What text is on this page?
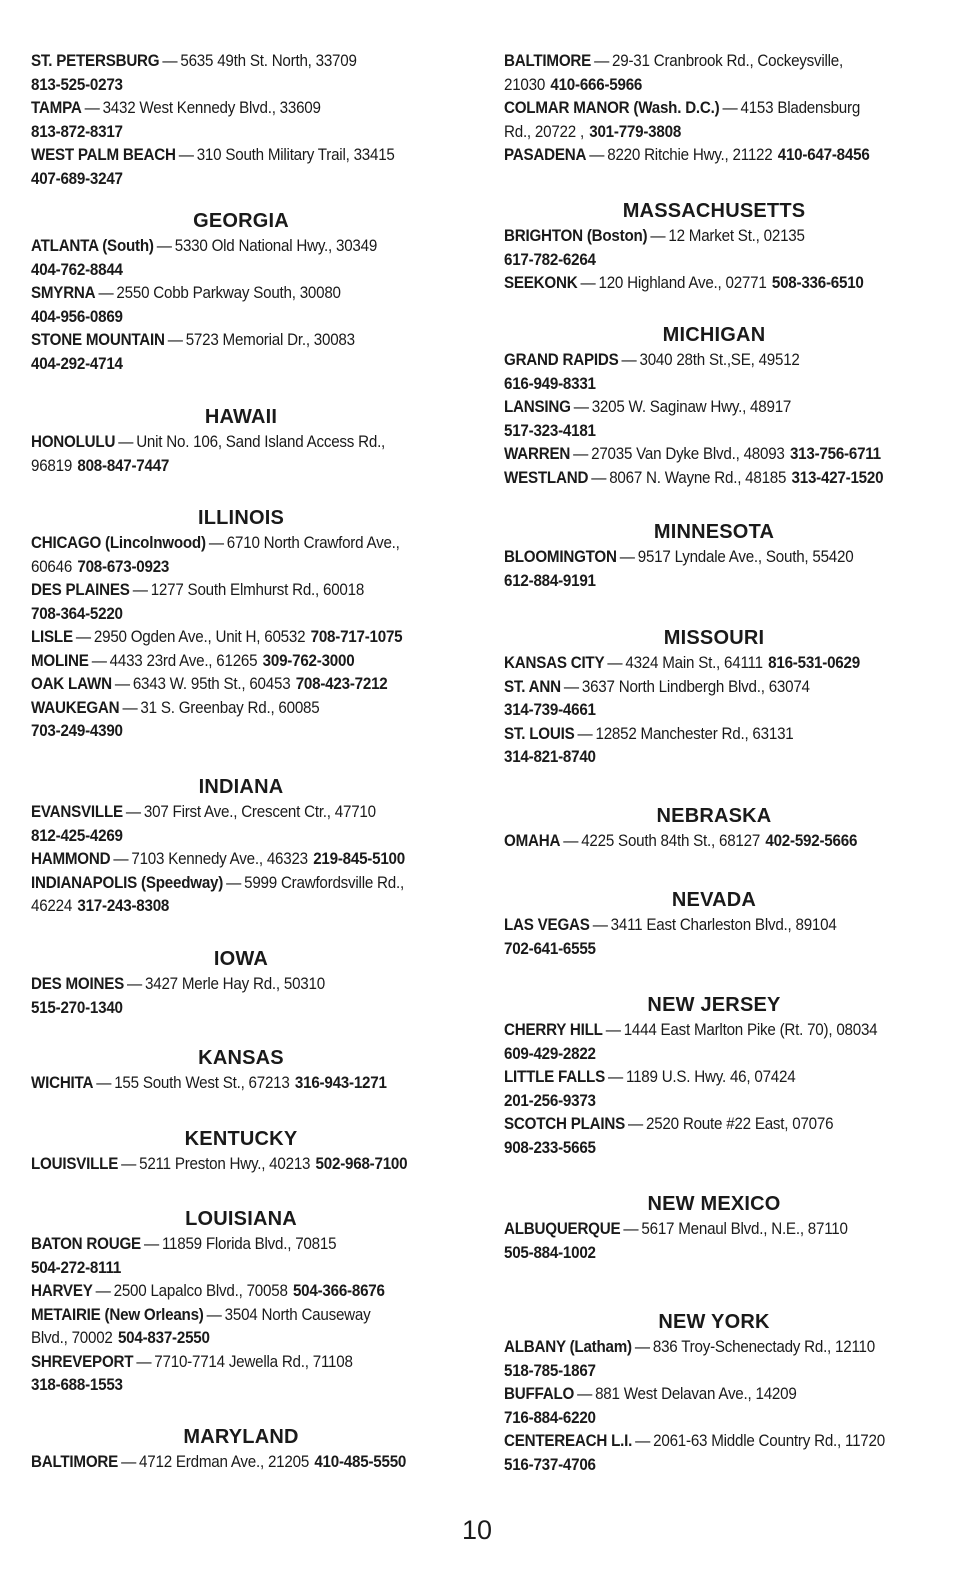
ST. PETERSBURG — 5635 49th St. North, 33709
813-525-0273
TAMPA — 3432 West Kennedy Blvd., 33609
813-872-8317
WEST PALM BEACH — 310 South Military Trail, 33415
407-689-3247
GEORGIA
ATLANTA (South) — 5330 Old National Hwy., 30349
404-762-8844
SMYRNA — 2550 Cobb Parkway South, 30080
404-956-0869
STONE MOUNTAIN — 5723 Memorial Dr., 30083
404-292-4714
HAWAII
HONOLULU — Unit No. 106, Sand Island Access Rd.,
96819 808-847-7447
ILLINOIS
CHICAGO (Lincolnwood) — 6710 North Crawford Ave.,
60646 708-673-0923
DES PLAINES — 1277 South Elmhurst Rd., 60018
708-364-5220
LISLE — 2950 Ogden Ave., Unit H, 60532 708-717-1075
MOLINE — 4433 23rd Ave., 61265 309-762-3000
OAK LAWN — 6343 W. 95th St., 60453 708-423-7212
WAUKEGAN — 31 S. Greenbay Rd., 60085
703-249-4390
INDIANA
EVANSVILLE — 307 First Ave., Crescent Ctr., 47710
812-425-4269
HAMMOND — 7103 Kennedy Ave., 46323 219-845-5100
INDIANAPOLIS (Speedway) — 5999 Crawfordsville Rd.,
46224 317-243-8308
IOWA
DES MOINES — 3427 Merle Hay Rd., 50310
515-270-1340
KANSAS
WICHITA — 155 South West St., 67213 316-943-1271
KENTUCKY
LOUISVILLE — 5211 Preston Hwy., 40213 502-968-7100
LOUISIANA
BATON ROUGE — 11859 Florida Blvd., 70815
504-272-8111
HARVEY — 2500 Lapalco Blvd., 70058 504-366-8676
METAIRIE (New Orleans) — 3504 North Causeway
Blvd., 70002 504-837-2550
SHREVEPORT — 7710-7714 Jewella Rd., 71108
318-688-1553
MARYLAND
BALTIMORE — 4712 Erdman Ave., 21205 410-485-5550
BALTIMORE — 29-31 Cranbrook Rd., Cockeysville,
21030 410-666-5966
COLMAR MANOR (Wash. D.C.) — 4153 Bladensburg
Rd., 20722 , 301-779-3808
PASADENA — 8220 Ritchie Hwy., 21122 410-647-8456
MASSACHUSETTS
BRIGHTON (Boston) — 12 Market St., 02135
617-782-6264
SEEKONK — 120 Highland Ave., 02771 508-336-6510
MICHIGAN
GRAND RAPIDS — 3040 28th St.,SE, 49512
616-949-8331
LANSING — 3205 W. Saginaw Hwy., 48917
517-323-4181
WARREN — 27035 Van Dyke Blvd., 48093 313-756-6711
WESTLAND — 8067 N. Wayne Rd., 48185 313-427-1520
MINNESOTA
BLOOMINGTON — 9517 Lyndale Ave., South, 55420
612-884-9191
MISSOURI
KANSAS CITY — 4324 Main St., 64111 816-531-0629
ST. ANN — 3637 North Lindbergh Blvd., 63074
314-739-4661
ST. LOUIS — 12852 Manchester Rd., 63131
314-821-8740
NEBRASKA
OMAHA — 4225 South 84th St., 68127 402-592-5666
NEVADA
LAS VEGAS — 3411 East Charleston Blvd., 89104
702-641-6555
NEW JERSEY
CHERRY HILL — 1444 East Marlton Pike (Rt. 70), 08034
609-429-2822
LITTLE FALLS — 1189 U.S. Hwy. 46, 07424
201-256-9373
SCOTCH PLAINS — 2520 Route #22 East, 07076
908-233-5665
NEW MEXICO
ALBUQUERQUE — 5617 Menaul Blvd., N.E., 87110
505-884-1002
NEW YORK
ALBANY (Latham) — 836 Troy-Schenectady Rd., 12110
518-785-1867
BUFFALO — 881 West Delavan Ave., 14209
716-884-6220
CENTEREACH L.I. — 2061-63 Middle Country Rd., 11720
516-737-4706
10
